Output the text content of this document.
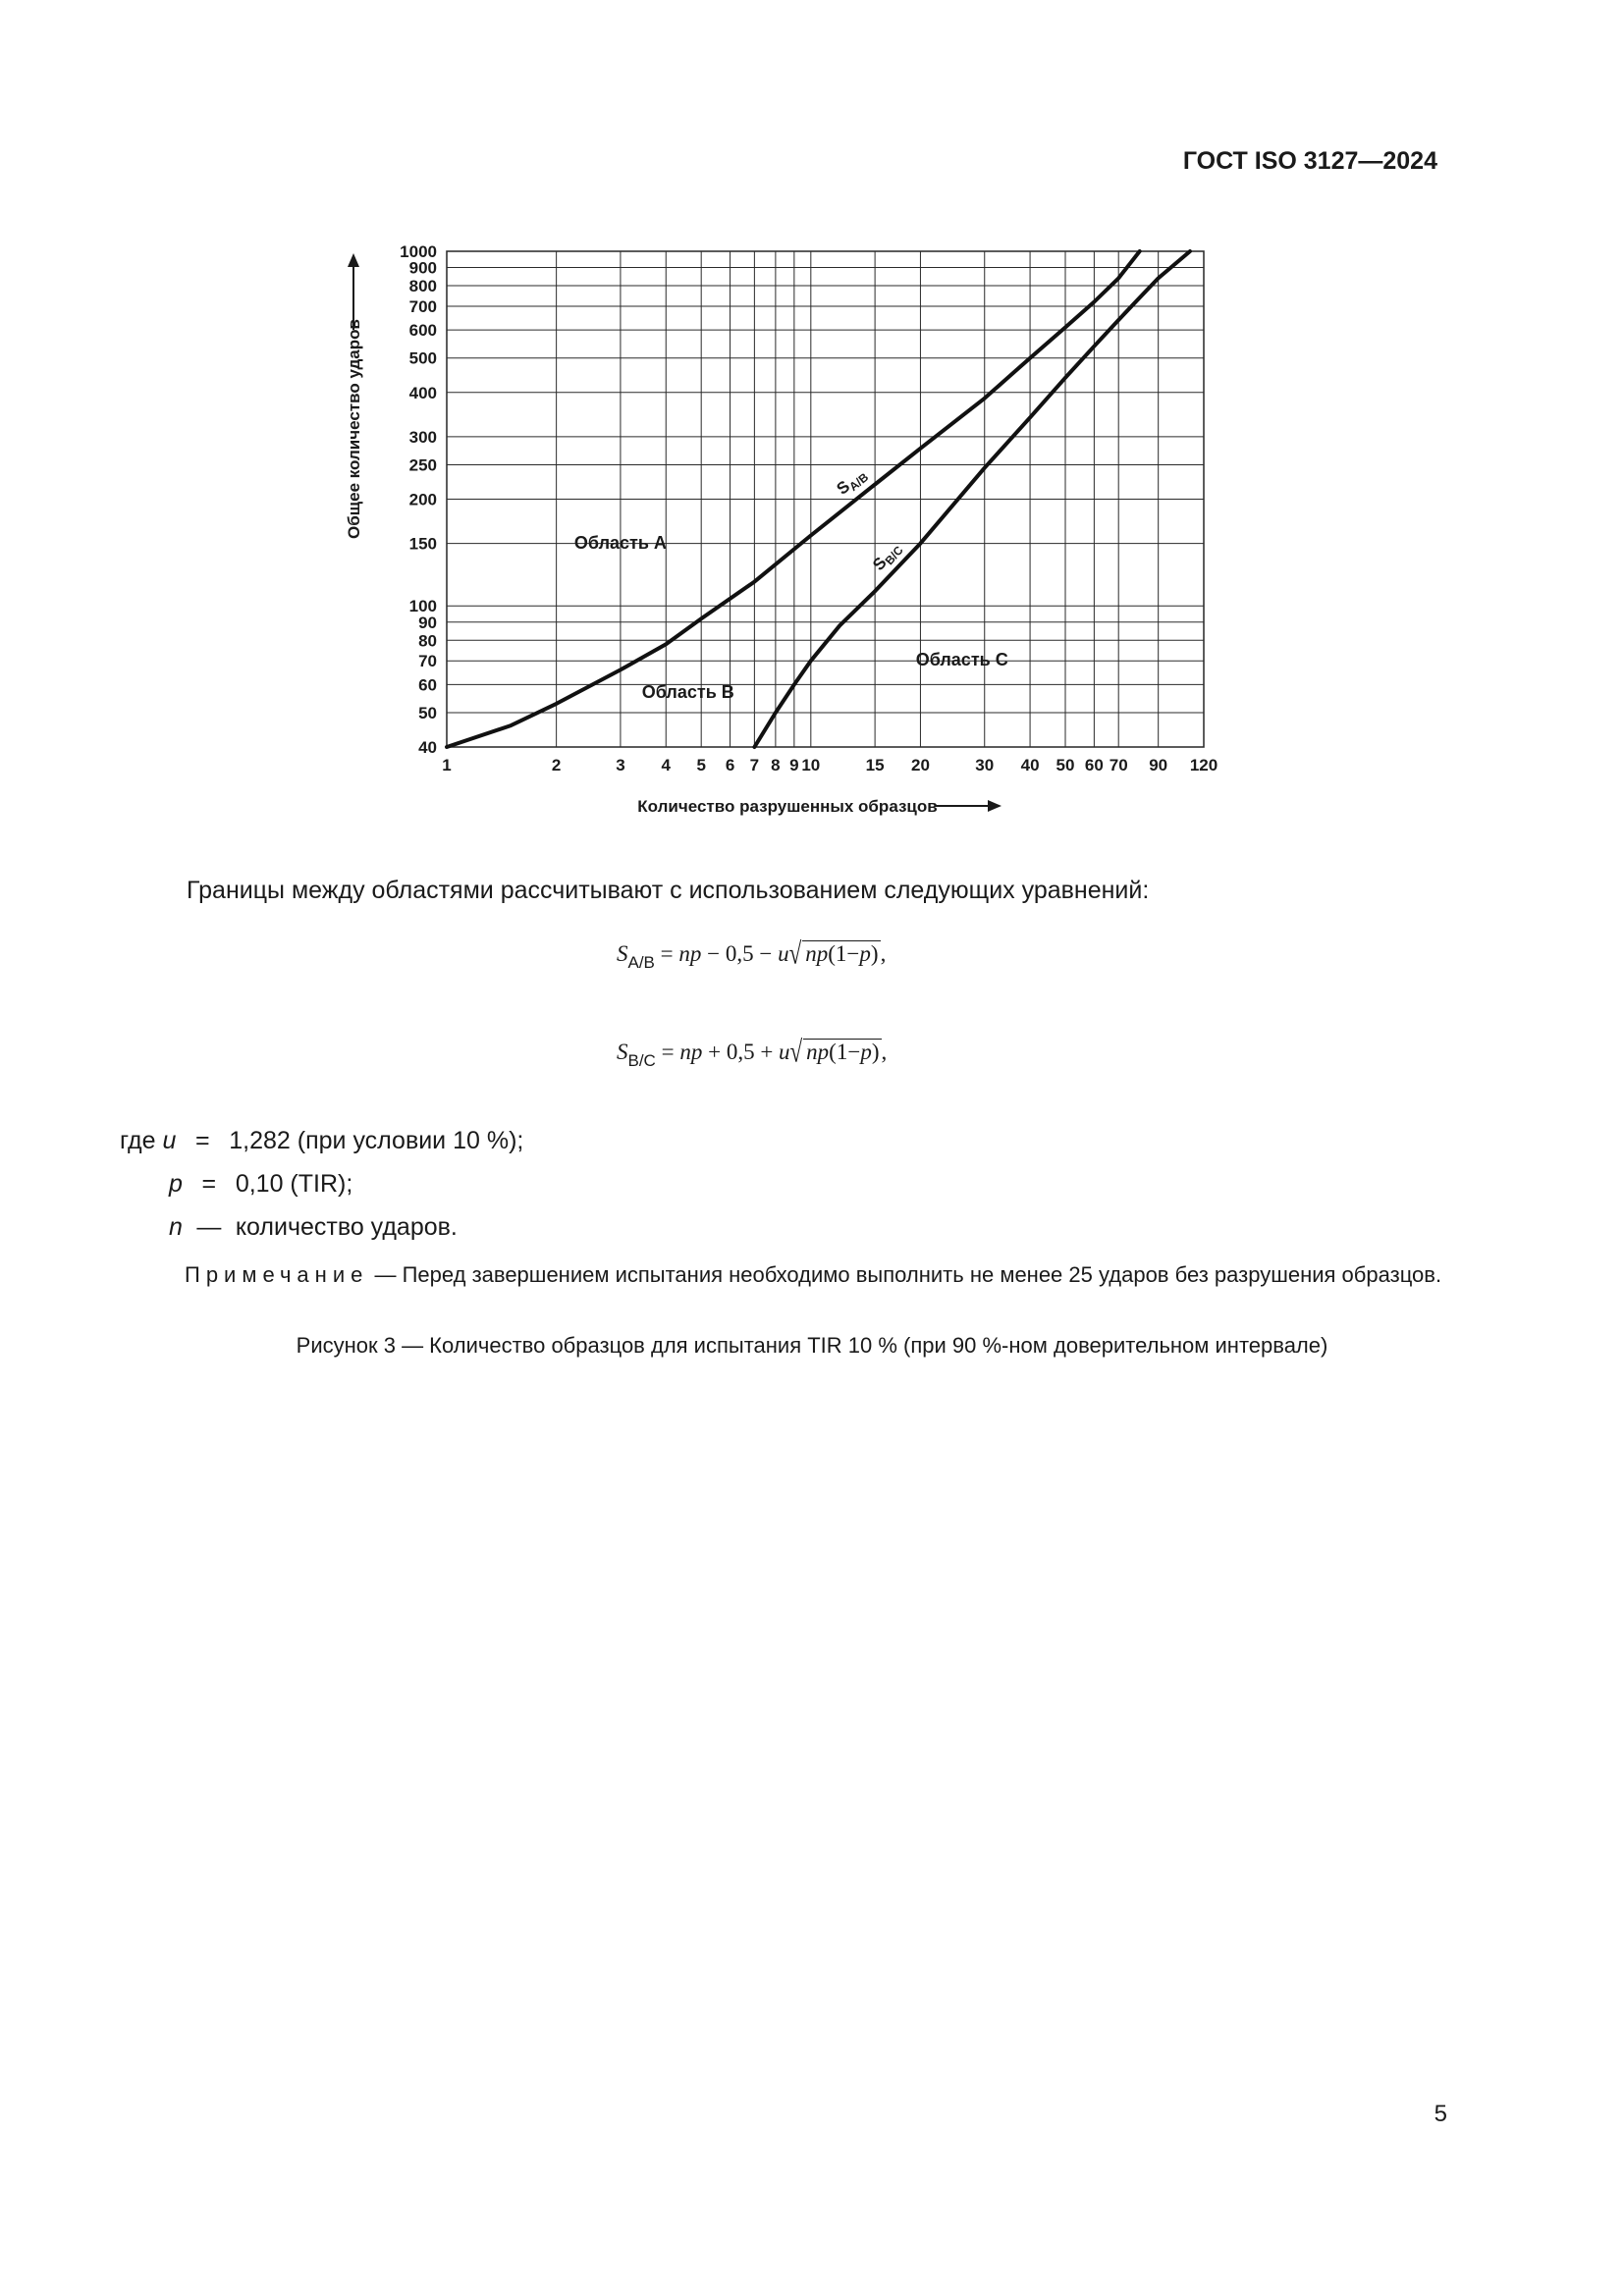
ГОСТ ISO 3127—2024
1	2	3 4 5 6 7 8 9 10	15 20	30 40 50 60 70 90 120
40
50
60
70
80
90
100
150
200
250
300
400
500
600
700
800
900
1000
$S_{A/B}$
$S_{B/C}$
Область A
Область B
Область C
Количество разрушенных образцов
Общее количество ударов
Границы между областями рассчитывают с использованием следующих уравнений:
$S_{A/B}$ = np − 0,5 − u√ np(1−p),
$S_{B/C}$ = np + 0,5 + u√ np(1−p),
где u = 1,282 (при условии 10 %);
p = 0,10 (TIR);
n — количество ударов.
Примечание — Перед завершением испытания необходимо выполнить не менее 25 ударов без разрушения образцов.
Рисунок 3 — Количество образцов для испытания TIR 10 % (при 90 %-ном доверительном интервале)
5
